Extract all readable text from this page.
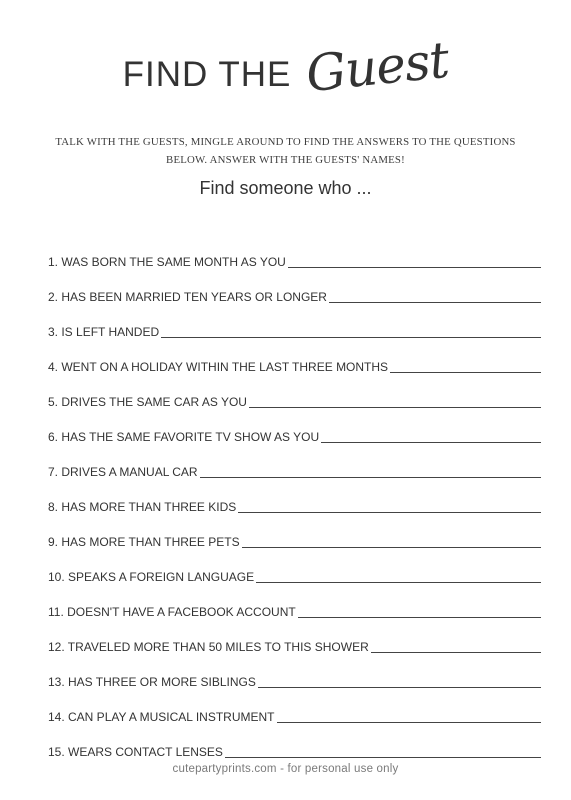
FIND THE Guest
TALK WITH THE GUESTS, MINGLE AROUND TO FIND THE ANSWERS TO THE QUESTIONS
BELOW. ANSWER WITH THE GUESTS' NAMES!
Find someone who ...
1. WAS BORN THE SAME MONTH AS YOU
2. HAS BEEN MARRIED TEN YEARS OR LONGER
3. IS LEFT HANDED
4. WENT ON A HOLIDAY WITHIN THE LAST THREE MONTHS
5. DRIVES THE SAME CAR AS YOU
6. HAS THE SAME FAVORITE TV SHOW AS YOU
7. DRIVES A MANUAL CAR
8. HAS MORE THAN THREE KIDS
9. HAS MORE THAN THREE PETS
10. SPEAKS A FOREIGN LANGUAGE
11. DOESN'T HAVE A FACEBOOK ACCOUNT
12. TRAVELED MORE THAN 50 MILES TO THIS SHOWER
13. HAS THREE OR MORE SIBLINGS
14. CAN PLAY A MUSICAL INSTRUMENT
15. WEARS CONTACT LENSES
cutepartyprints.com - for personal use only
